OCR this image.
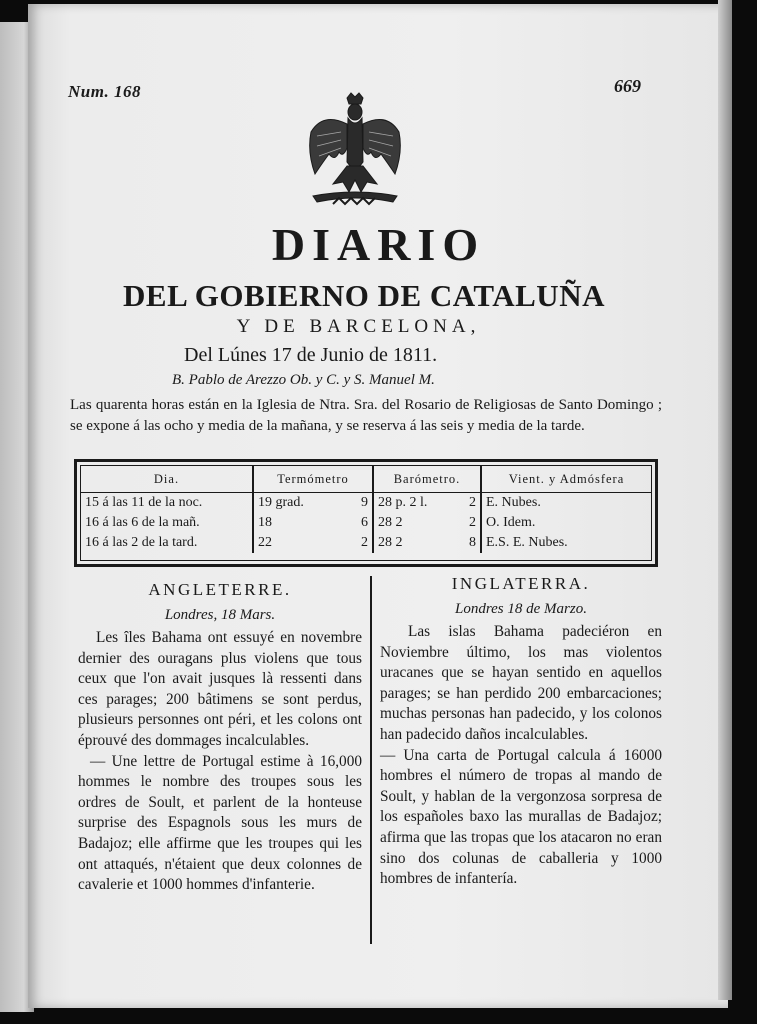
Num. 168	669
DIARIO
DEL GOBIERNO DE CATALUÑA
Y DE BARCELONA,
Del Lúnes 17 de Junio de 1811.
B. Pablo de Arezzo Ob. y C. y S. Manuel M.
Las quarenta horas están en la Iglesia de Ntra. Sra. del Rosario de Religiosas de Santo Domingo ; se expone á las ocho y media de la mañana, y se reserva á las seis y media de la tarde.
Dia.	Termómetro		Barómetro.		Vient. y Admósfera
15 á las 11 de la noc.	19 grad.	9	28 p. 2 l.	2	E. Nubes.
16 á las 6 de la mañ.	18	6	28 2	2	O. Idem.
16 á las 2 de la tard.	22	2	28 2	8	E.S. E. Nubes.
ANGLETERRE.
Londres, 18 Mars.

Les îles Bahama ont essuyé en novembre dernier des ouragans plus violens que tous ceux que l'on avait jusques là ressenti dans ces parages; 200 bâtimens se sont perdus, plusieurs personnes ont péri, et les colons ont éprouvé des dommages incalculables.

— Une lettre de Portugal estime à 16,000 hommes le nombre des troupes sous les ordres de Soult, et parlent de la honteuse surprise des Espagnols sous les murs de Badajoz; elle affirme que les troupes qui les ont attaqués, n'étaient que deux colonnes de cavalerie et 1000 hommes d'infanterie.

INGLATERRA.
Londres 18 de Marzo.

Las islas Bahama padeciéron en Noviembre último, los mas violentos uracanes que se hayan sentido en aquellos parages; se han perdido 200 embarcaciones; muchas personas han padecido, y los colonos han padecido daños incalculables.

— Una carta de Portugal calcula á 16000 hombres el número de tropas al mando de Soult, y hablan de la vergonzosa sorpresa de los españoles baxo las murallas de Badajoz; afirma que las tropas que los atacaron no eran sino dos colunas de caballeria y 1000 hombres de infantería.
